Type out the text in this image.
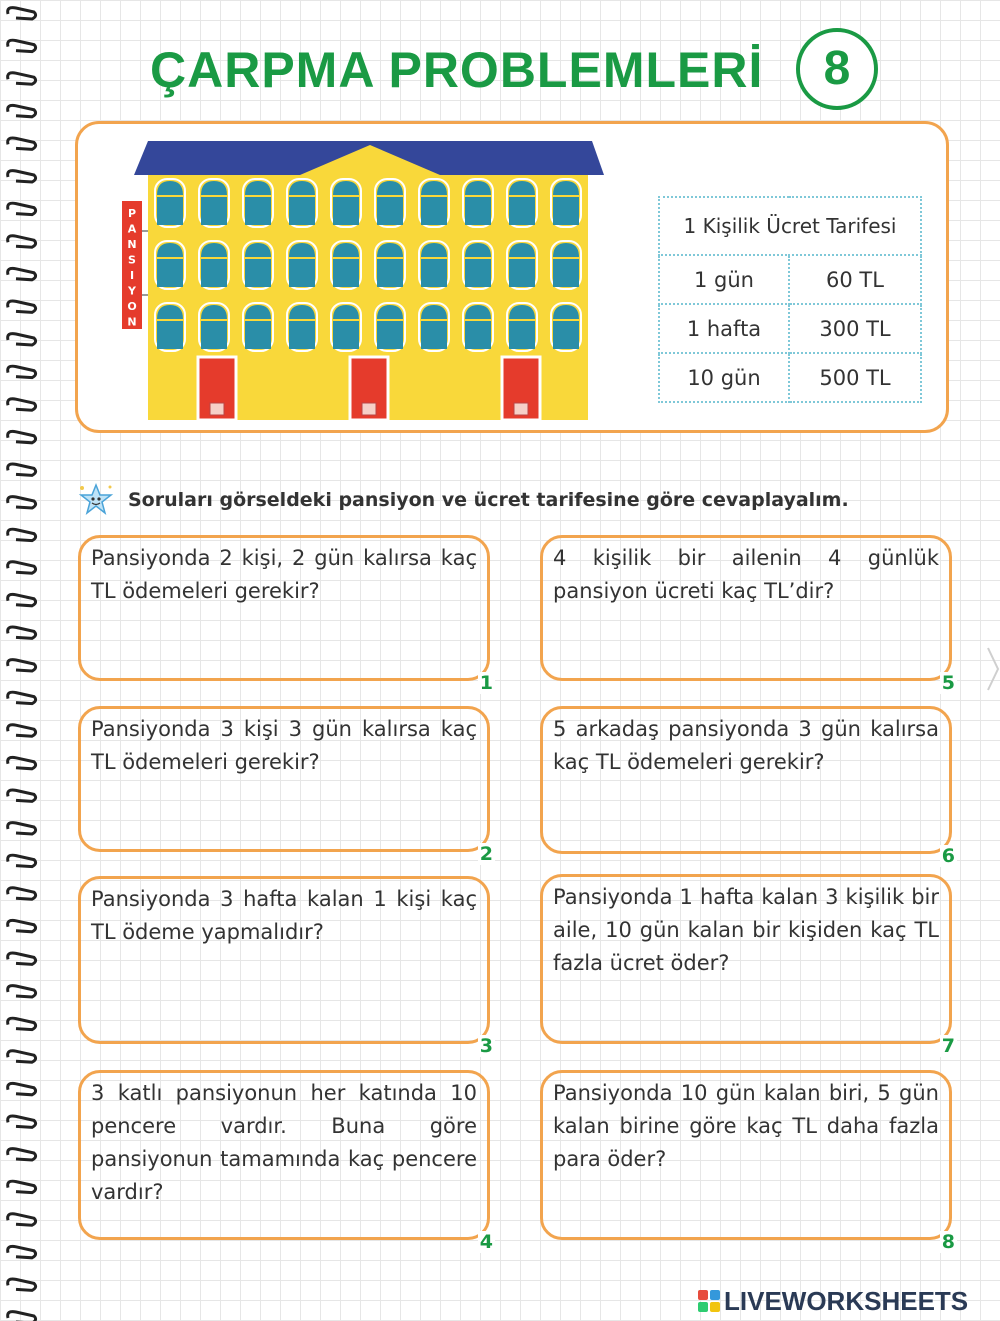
ÇARPMA PROBLEMLERİ	8
P
A
N
S
I
Y
O
N
1 Kişilik Ücret Tarifesi	
1 gün	60 TL
1 hafta	300 TL
10 gün	500 TL
Soruları görseldeki pansiyon ve ücret tarifesine göre cevaplayalım.
Pansiyonda 2 kişi, 2 gün kalırsa kaç TL ödemeleri gerekir?
1
Pansiyonda 3 kişi 3 gün kalırsa kaç TL ödemeleri gerekir?
2
Pansiyonda 3 hafta kalan 1 kişi kaç TL ödeme yapmalıdır?
3
3 katlı pansiyonun her katında 10 pencere vardır. Buna göre pansiyonun tamamında kaç pencere vardır?
4
4 kişilik bir ailenin 4 günlük pansiyon ücreti kaç TL’dir?
5
5 arkadaş pansiyonda 3 gün kalırsa kaç TL ödemeleri gerekir?
6
Pansiyonda 1 hafta kalan 3 kişilik bir aile, 10 gün kalan bir kişiden kaç TL fazla ücret öder?
7
Pansiyonda 10 gün kalan biri, 5 gün kalan birine göre kaç TL daha fazla para öder?
8
LIVEWORKSHEETS
